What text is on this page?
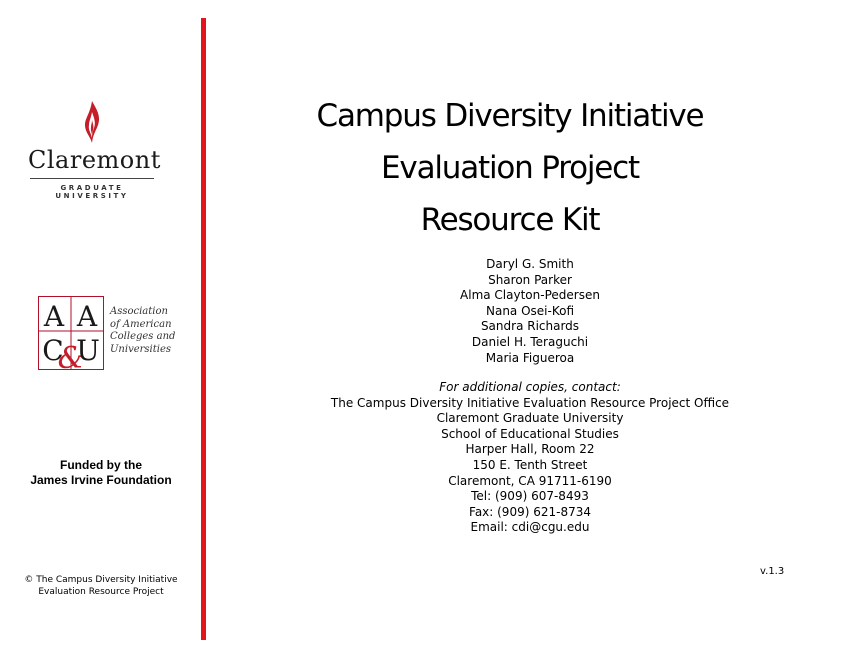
Claremont
GRADUATE UNIVERSITY
A A
C
&
U
Association
of American
Colleges and
Universities
Funded by the
James Irvine Foundation
© The Campus Diversity Initiative
Evaluation Resource Project
Campus Diversity Initiative
Evaluation Project
Resource Kit
Daryl G. Smith
Sharon Parker
Alma Clayton-Pedersen
Nana Osei-Kofi
Sandra Richards
Daniel H. Teraguchi
Maria Figueroa
For additional copies, contact:
The Campus Diversity Initiative Evaluation Resource Project Office
Claremont Graduate University
School of Educational Studies
Harper Hall, Room 22
150 E. Tenth Street
Claremont, CA 91711-6190
Tel: (909) 607-8493
Fax: (909) 621-8734
Email: cdi@cgu.edu
v.1.3
